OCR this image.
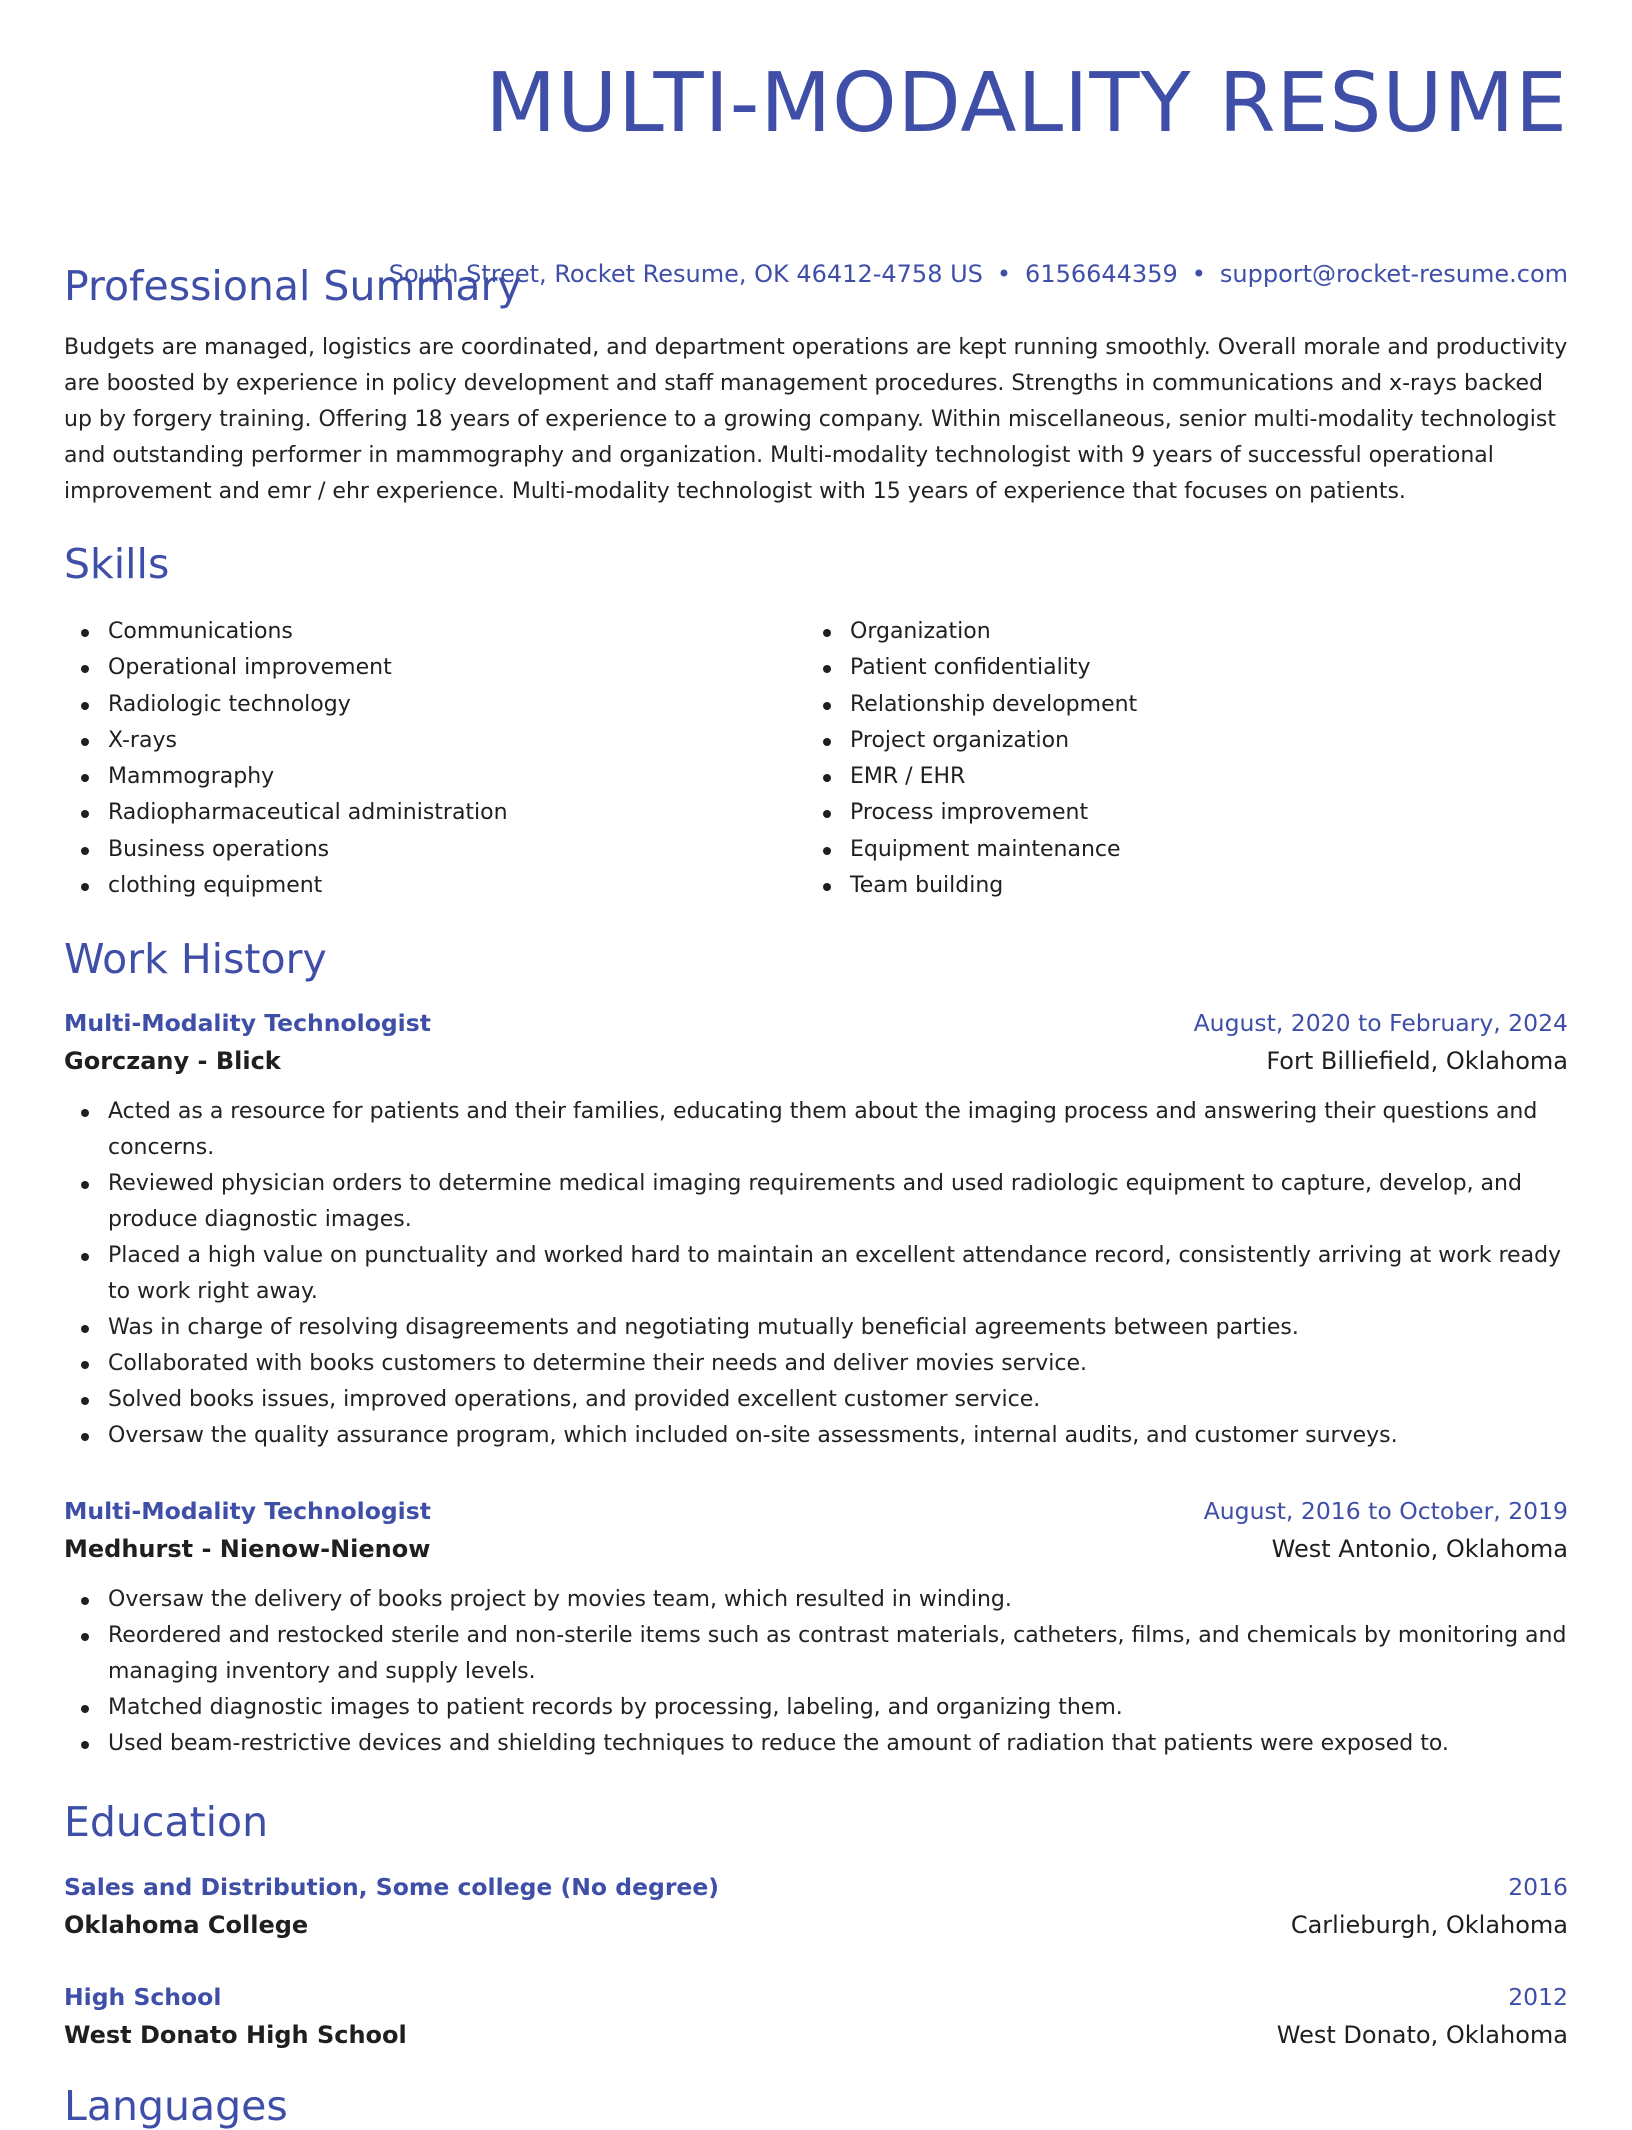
MULTI-MODALITY RESUME
South Street, Rocket Resume, OK 46412-4758 US • 6156644359 • support@rocket-resume.com
Professional Summary

Budgets are managed, logistics are coordinated, and department operations are kept running smoothly. Overall morale and productivity are boosted by experience in policy development and staff management procedures. Strengths in communications and x-rays backed up by forgery training. Offering 18 years of experience to a growing company. Within miscellaneous, senior multi-modality technologist and outstanding performer in mammography and organization. Multi-modality technologist with 9 years of successful operational improvement and emr / ehr experience. Multi-modality technologist with 15 years of experience that focuses on patients.

Skills
Communications
Operational improvement
Radiologic technology
X-rays
Mammography
Radiopharmaceutical administration
Business operations
clothing equipment
Organization
Patient confidentiality
Relationship development
Project organization
EMR / EHR
Process improvement
Equipment maintenance
Team building
Work History
Multi-Modality Technologist	August, 2020 to February, 2024
Gorczany - Blick	Fort Billiefield, Oklahoma
Acted as a resource for patients and their families, educating them about the imaging process and answering their questions and concerns.
Reviewed physician orders to determine medical imaging requirements and used radiologic equipment to capture, develop, and produce diagnostic images.
Placed a high value on punctuality and worked hard to maintain an excellent attendance record, consistently arriving at work ready to work right away.
Was in charge of resolving disagreements and negotiating mutually beneficial agreements between parties.
Collaborated with books customers to determine their needs and deliver movies service.
Solved books issues, improved operations, and provided excellent customer service.
Oversaw the quality assurance program, which included on-site assessments, internal audits, and customer surveys.
Multi-Modality Technologist	August, 2016 to October, 2019
Medhurst - Nienow-Nienow	West Antonio, Oklahoma
Oversaw the delivery of books project by movies team, which resulted in winding.
Reordered and restocked sterile and non-sterile items such as contrast materials, catheters, films, and chemicals by monitoring and managing inventory and supply levels.
Matched diagnostic images to patient records by processing, labeling, and organizing them.
Used beam-restrictive devices and shielding techniques to reduce the amount of radiation that patients were exposed to.
Education
Sales and Distribution, Some college (No degree)	2016
Oklahoma College	Carlieburgh, Oklahoma
High School	2012
West Donato High School	West Donato, Oklahoma
Languages
